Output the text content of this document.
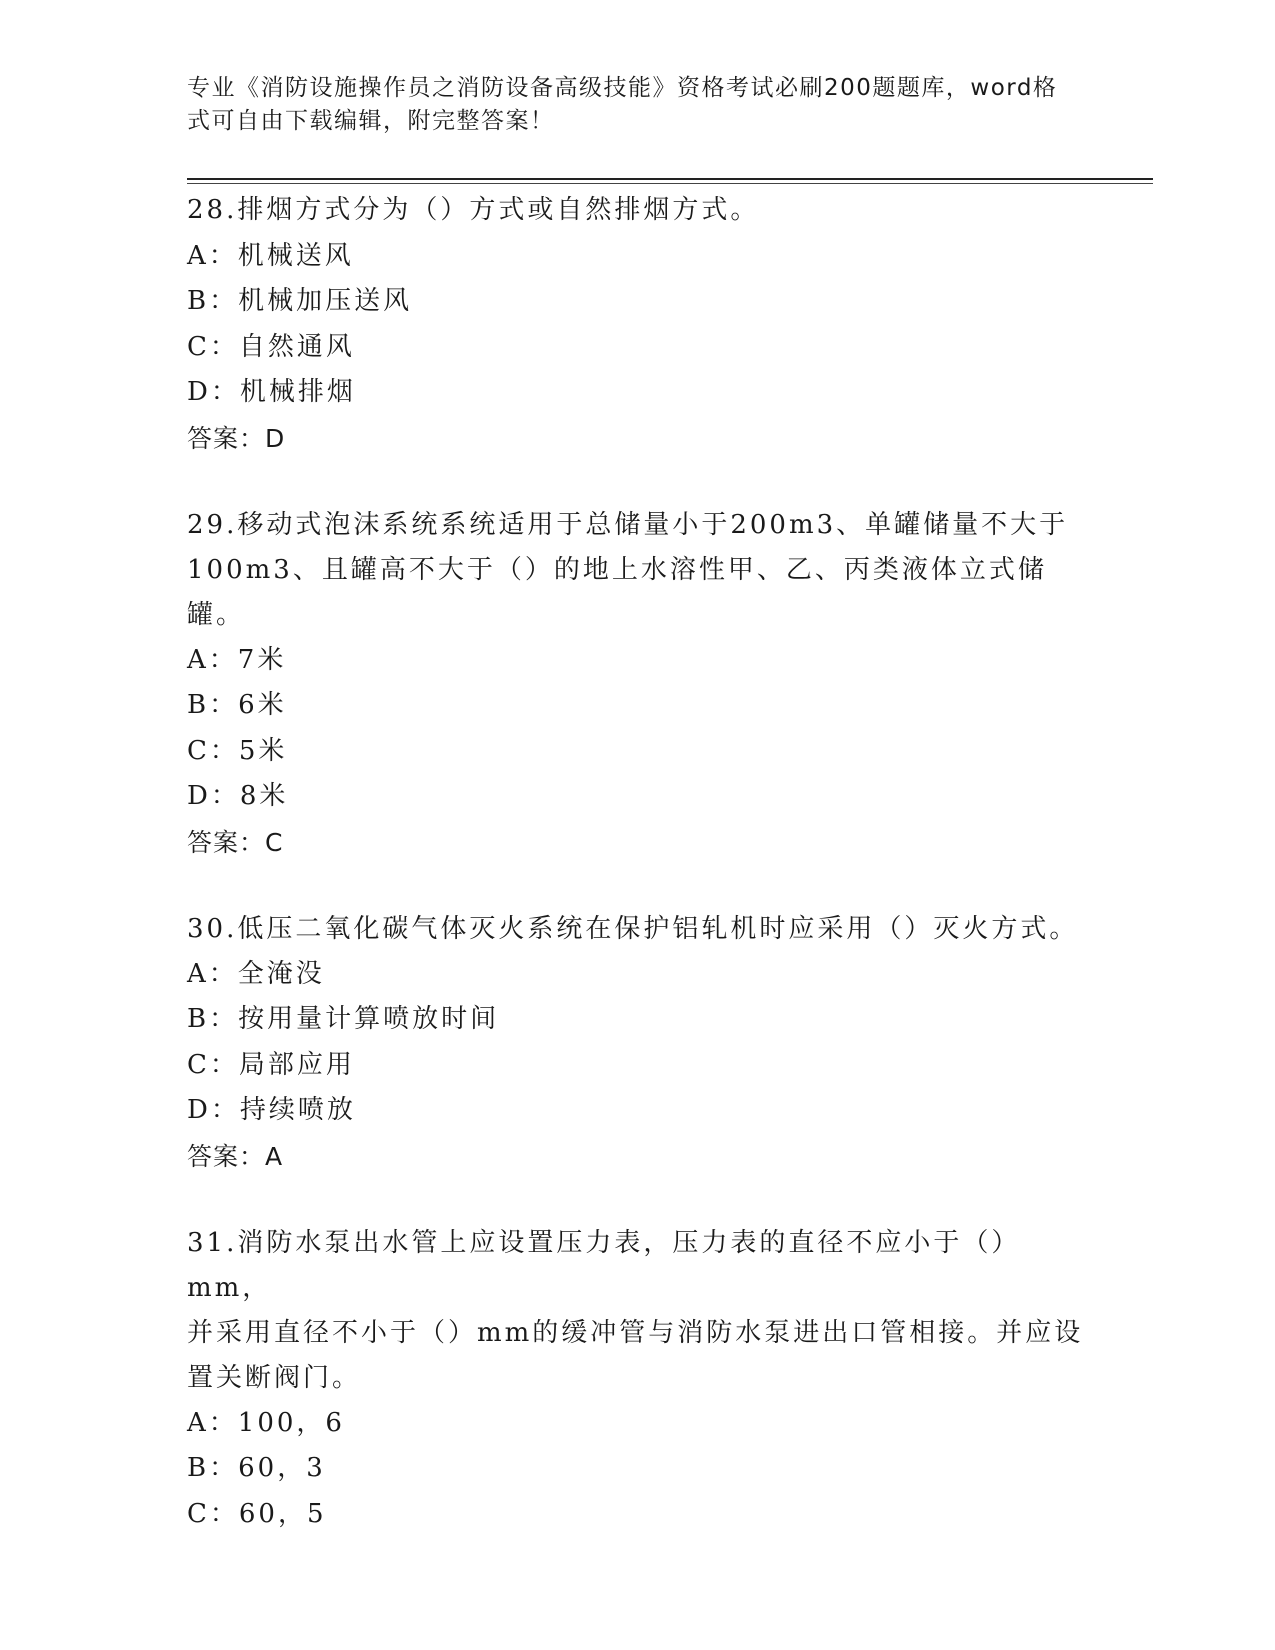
专业《消防设施操作员之消防设备高级技能》资格考试必刷200题题库，word格
式可自由下载编辑，附完整答案！
28.排烟方式分为（）方式或自然排烟方式。
A：机械送风
B：机械加压送风
C：自然通风
D：机械排烟
答案：D
29.移动式泡沫系统系统适用于总储量小于200m3、单罐储量不大于
100m3、且罐高不大于（）的地上水溶性甲、乙、丙类液体立式储罐。
A：7米
B：6米
C：5米
D：8米
答案：C
30.低压二氧化碳气体灭火系统在保护铝轧机时应采用（）灭火方式。
A：全淹没
B：按用量计算喷放时间
C：局部应用
D：持续喷放
答案：A
31.消防水泵出水管上应设置压力表，压力表的直径不应小于（）mm，
并采用直径不小于（）mm的缓冲管与消防水泵进出口管相接。并应设
置关断阀门。
A：100，6
B：60，3
C：60，5
